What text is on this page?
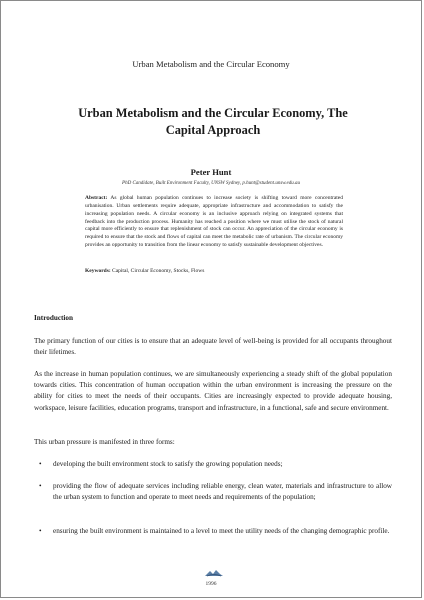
Urban Metabolism and the Circular Economy
Urban Metabolism and the Circular Economy, The Capital Approach
Peter Hunt
PhD Candidate, Built Environment Faculty, UNSW Sydney, p.hunt@student.unsw.edu.au
Abstract: As global human population continues to increase society is shifting toward more concentrated urbanisation. Urban settlements require adequate, appropriate infrastructure and accommodation to satisfy the increasing population needs. A circular economy is an inclusive approach relying on integrated systems that feedback into the production process. Humanity has reached a position where we must utilise the stock of natural capital more efficiently to ensure that replenishment of stock can occur. An appreciation of the circular economy is required to ensure that the stock and flows of capital can meet the metabolic rate of urbanism. The circular economy provides an opportunity to transition from the linear economy to satisfy sustainable development objectives.
Keywords: Capital, Circular Economy, Stocks, Flows
Introduction
The primary function of our cities is to ensure that an adequate level of well-being is provided for all occupants throughout their lifetimes.
As the increase in human population continues, we are simultaneously experiencing a steady shift of the global population towards cities. This concentration of human occupation within the urban environment is increasing the pressure on the ability for cities to meet the needs of their occupants. Cities are increasingly expected to provide adequate housing, workspace, leisure facilities, education programs, transport and infrastructure, in a functional, safe and secure environment.
This urban pressure is manifested in three forms:
• developing the built environment stock to satisfy the growing population needs;
• providing the flow of adequate services including reliable energy, clean water, materials and infrastructure to allow the urban system to function and operate to meet needs and requirements of the population;
• ensuring the built environment is maintained to a level to meet the utility needs of the changing demographic profile.
1996
